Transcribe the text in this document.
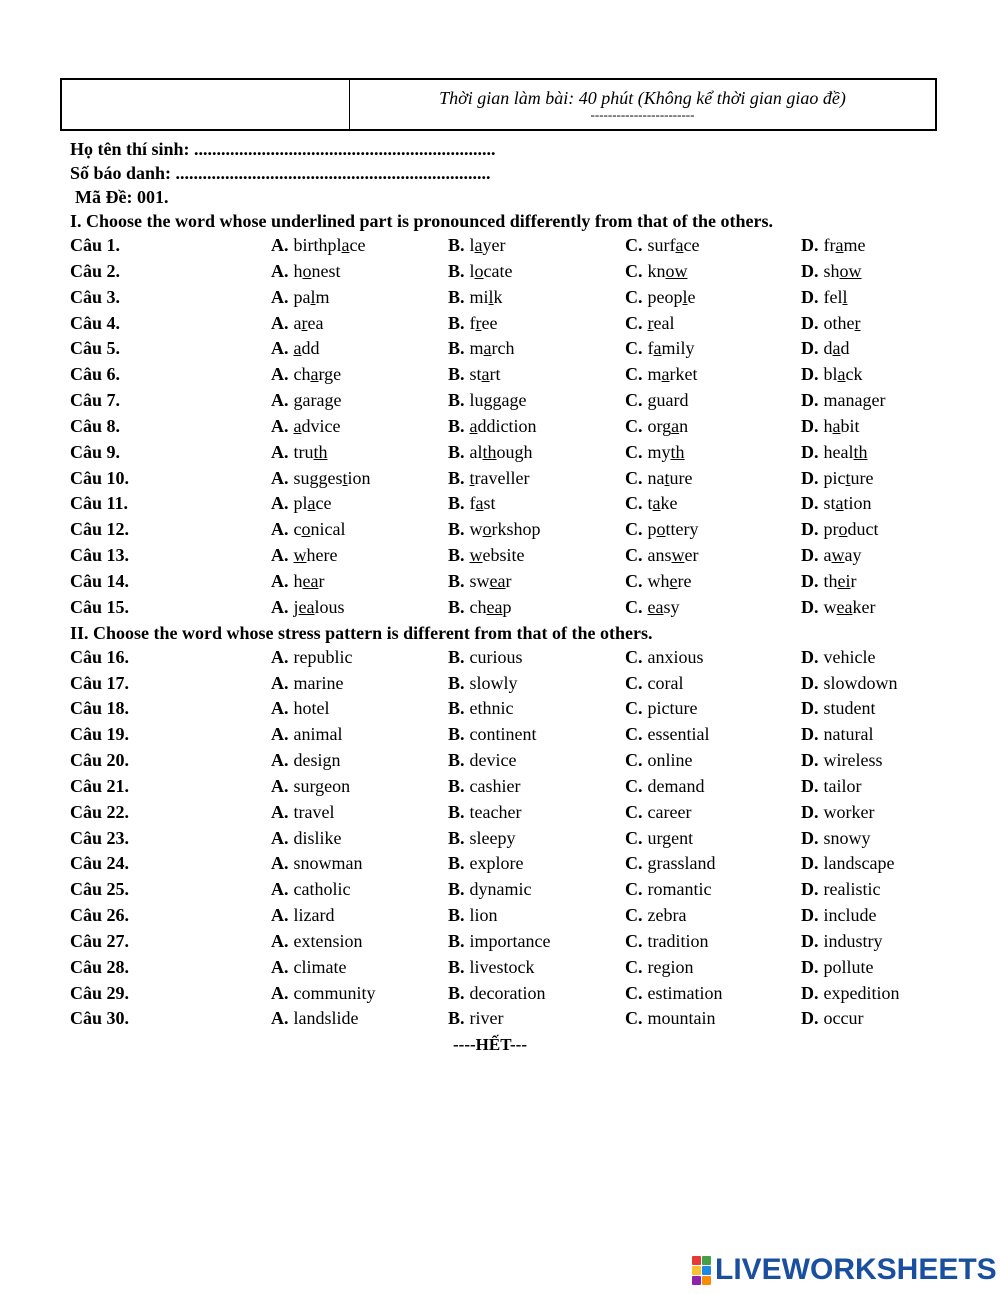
Thời gian làm bài: 40 phút (Không kể thời gian giao đề)
------------------------
Họ tên thí sinh: ...................................................................
Số báo danh: ......................................................................
Mã Đề: 001.
I. Choose the word whose underlined part is pronounced differently from that of the others.
Câu 1.	A. birthplace	B. layer	C. surface	D. frame
Câu 2.	A. honest	B. locate	C. know	D. show
Câu 3.	A. palm	B. milk	C. people	D. fell
Câu 4.	A. area	B. free	C. real	D. other
Câu 5.	A. add	B. march	C. family	D. dad
Câu 6.	A. charge	B. start	C. market	D. black
Câu 7.	A. garage	B. luggage	C. guard	D. manager
Câu 8.	A. advice	B. addiction	C. organ	D. habit
Câu 9.	A. truth	B. although	C. myth	D. health
Câu 10.	A. suggestion	B. traveller	C. nature	D. picture
Câu 11.	A. place	B. fast	C. take	D. station
Câu 12.	A. conical	B. workshop	C. pottery	D. product
Câu 13.	A. where	B. website	C. answer	D. away
Câu 14.	A. hear	B. swear	C. where	D. their
Câu 15.	A. jealous	B. cheap	C. easy	D. weaker
II. Choose the word whose stress pattern is different from that of the others.
Câu 16.	A. republic	B. curious	C. anxious	D. vehicle
Câu 17.	A. marine	B. slowly	C. coral	D. slowdown
Câu 18.	A. hotel	B. ethnic	C. picture	D. student
Câu 19.	A. animal	B. continent	C. essential	D. natural
Câu 20.	A. design	B. device	C. online	D. wireless
Câu 21.	A. surgeon	B. cashier	C. demand	D. tailor
Câu 22.	A. travel	B. teacher	C. career	D. worker
Câu 23.	A. dislike	B. sleepy	C. urgent	D. snowy
Câu 24.	A. snowman	B. explore	C. grassland	D. landscape
Câu 25.	A. catholic	B. dynamic	C. romantic	D. realistic
Câu 26.	A. lizard	B. lion	C. zebra	D. include
Câu 27.	A. extension	B. importance	C. tradition	D. industry
Câu 28.	A. climate	B. livestock	C. region	D. pollute
Câu 29.	A. community	B. decoration	C. estimation	D. expedition
Câu 30.	A. landslide	B. river	C. mountain	D. occur
----HẾT---
LIVEWORKSHEETS
